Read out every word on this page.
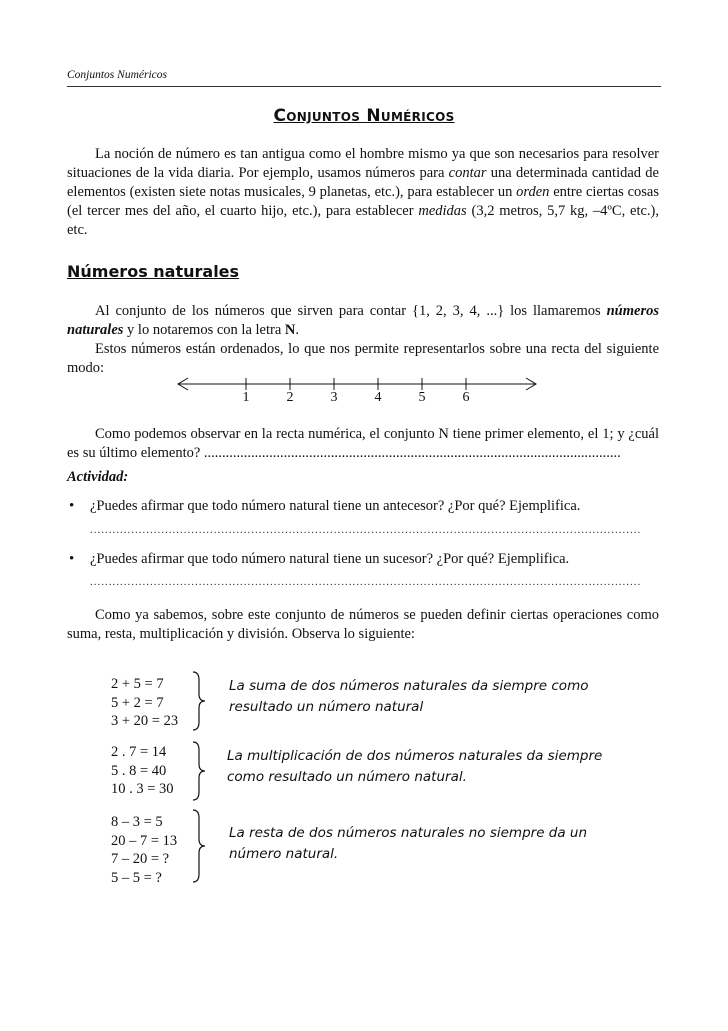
Conjuntos Numéricos
Conjuntos Numéricos
La noción de número es tan antigua como el hombre mismo ya que son necesarios para resolver situaciones de la vida diaria. Por ejemplo, usamos números para contar una determinada cantidad de elementos (existen siete notas musicales, 9 planetas, etc.), para establecer un orden entre ciertas cosas (el tercer mes del año, el cuarto hijo, etc.), para establecer medidas (3,2 metros, 5,7 kg, –4ºC, etc.), etc.
Números naturales
Al conjunto de los números que sirven para contar {1, 2, 3, 4, ...} los llamaremos números naturales y lo notaremos con la letra N.
Estos números están ordenados, lo que nos permite representarlos sobre una recta del siguiente modo:
1	2	3	4	5	6
Como podemos observar en la recta numérica, el conjunto N tiene primer elemento, el 1; y ¿cuál es su último elemento? ...................................................................................................................
Actividad:
• ¿Puedes afirmar que todo número natural tiene un antecesor? ¿Por qué? Ejemplifica.
...................................................................................................................................................
• ¿Puedes afirmar que todo número natural tiene un sucesor? ¿Por qué? Ejemplifica.
...................................................................................................................................................
Como ya sabemos, sobre este conjunto de números se pueden definir ciertas operaciones como suma, resta, multiplicación y división. Observa lo siguiente:
2 + 5 = 7
5 + 2 = 7
3 + 20 = 23
La suma de dos números naturales da siempre como
resultado un número natural
2 . 7 = 14
5 . 8 = 40
10 . 3 = 30
La multiplicación de dos números naturales da siempre
como resultado un número natural.
8 – 3 = 5
20 – 7 = 13
7 – 20 = ?
5 – 5 = ?
La resta de dos números naturales no siempre da un
número natural.
